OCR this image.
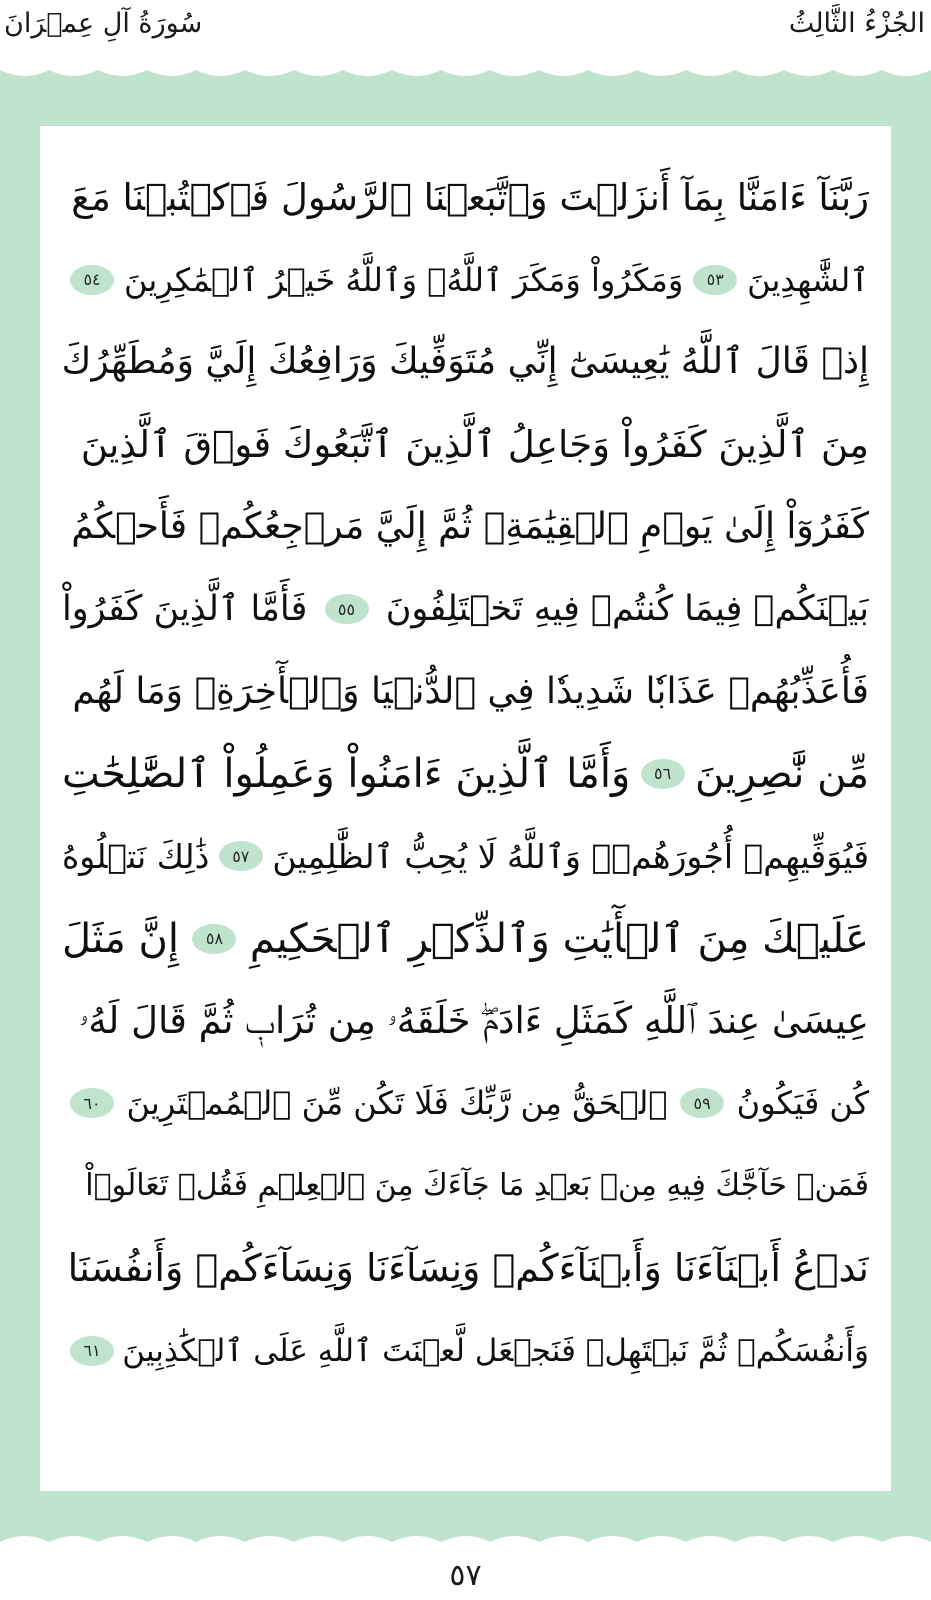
الجُزْءُ الثَّالِثُ
سُورَةُ آلِ عِمۡرَانَ
رَبَّنَآ ءَامَنَّا بِمَآ أَنزَلۡتَ وَٱتَّبَعۡنَا ٱلرَّسُولَ فَٱكۡتُبۡنَا مَعَ
ٱلشَّٰهِدِينَ
٥٣
وَمَكَرُواْ وَمَكَرَ ٱللَّهُۖ وَٱللَّهُ خَيۡرُ ٱلۡمَٰكِرِينَ
٥٤
إِذۡ قَالَ ٱللَّهُ يَٰعِيسَىٰٓ إِنِّي مُتَوَفِّيكَ وَرَافِعُكَ إِلَيَّ وَمُطَهِّرُكَ
مِنَ ٱلَّذِينَ كَفَرُواْ وَجَاعِلُ ٱلَّذِينَ ٱتَّبَعُوكَ فَوۡقَ ٱلَّذِينَ
كَفَرُوٓاْ إِلَىٰ يَوۡمِ ٱلۡقِيَٰمَةِۖ ثُمَّ إِلَيَّ مَرۡجِعُكُمۡ فَأَحۡكُمُ
بَيۡنَكُمۡ فِيمَا كُنتُمۡ فِيهِ تَخۡتَلِفُونَ
٥٥
فَأَمَّا ٱلَّذِينَ كَفَرُواْ
فَأُعَذِّبُهُمۡ عَذَابٗا شَدِيدٗا فِي ٱلدُّنۡيَا وَٱلۡأٓخِرَةِۖ وَمَا لَهُم
مِّن نَّٰصِرِينَ
٥٦
وَأَمَّا ٱلَّذِينَ ءَامَنُواْ وَعَمِلُواْ ٱلصَّٰلِحَٰتِ
فَيُوَفِّيهِمۡ أُجُورَهُمۡۗ وَٱللَّهُ لَا يُحِبُّ ٱلظَّٰلِمِينَ
٥٧
ذَٰلِكَ نَتۡلُوهُ
عَلَيۡكَ مِنَ ٱلۡأٓيَٰتِ وَٱلذِّكۡرِ ٱلۡحَكِيمِ
٥٨
إِنَّ مَثَلَ
عِيسَىٰ عِندَ ٱللَّهِ كَمَثَلِ ءَادَمَۖ خَلَقَهُۥ مِن تُرَابٖ ثُمَّ قَالَ لَهُۥ
كُن فَيَكُونُ
٥٩
ٱلۡحَقُّ مِن رَّبِّكَ فَلَا تَكُن مِّنَ ٱلۡمُمۡتَرِينَ
٦٠
فَمَنۡ حَآجَّكَ فِيهِ مِنۢ بَعۡدِ مَا جَآءَكَ مِنَ ٱلۡعِلۡمِ فَقُلۡ تَعَالَوۡاْ
نَدۡعُ أَبۡنَآءَنَا وَأَبۡنَآءَكُمۡ وَنِسَآءَنَا وَنِسَآءَكُمۡ وَأَنفُسَنَا
وَأَنفُسَكُمۡ ثُمَّ نَبۡتَهِلۡ فَنَجۡعَل لَّعۡنَتَ ٱللَّهِ عَلَى ٱلۡكَٰذِبِينَ
٦١
٥٧
